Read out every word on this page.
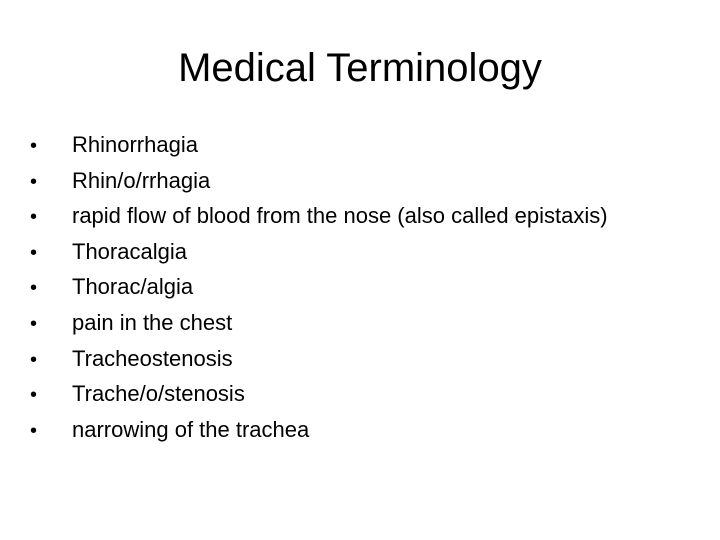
Medical Terminology
•	Rhinorrhagia
•	Rhin/o/rrhagia
•	rapid flow of blood from the nose (also called epistaxis)
•	Thoracalgia
•	Thorac/algia
•	pain in the chest
•	Tracheostenosis
•	Trache/o/stenosis
•	narrowing of the trachea
